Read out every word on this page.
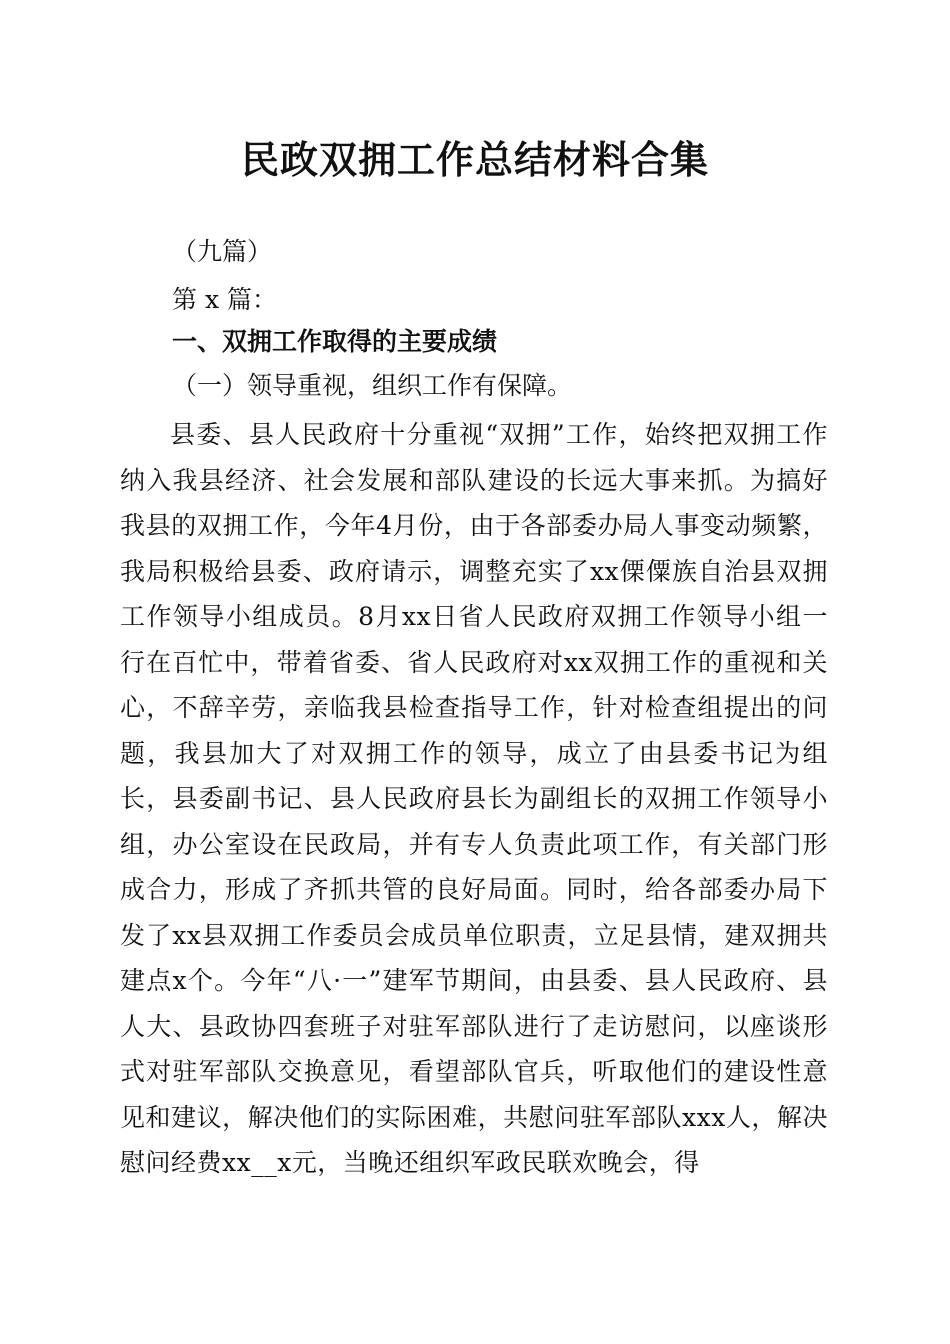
民政双拥工作总结材料合集
（九篇）
第 x 篇：
一、双拥工作取得的主要成绩
（一）领导重视，组织工作有保障。

县委、县人民政府十分重视“双拥”工作，始终把双拥工作纳入我县经济、社会发展和部队建设的长远大事来抓。为搞好我县的双拥工作，今年4月份，由于各部委办局人事变动频繁，我局积极给县委、政府请示，调整充实了xx傈僳族自治县双拥工作领导小组成员。8月xx日省人民政府双拥工作领导小组一行在百忙中，带着省委、省人民政府对xx双拥工作的重视和关心，不辞辛劳，亲临我县检查指导工作，针对检查组提出的问题，我县加大了对双拥工作的领导，成立了由县委书记为组长，县委副书记、县人民政府县长为副组长的双拥工作领导小组，办公室设在民政局，并有专人负责此项工作，有关部门形成合力，形成了齐抓共管的良好局面。同时，给各部委办局下发了xx县双拥工作委员会成员单位职责，立足县情，建双拥共建点x个。今年“八·一”建军节期间，由县委、县人民政府、县人大、县政协四套班子对驻军部队进行了走访慰问，以座谈形式对驻军部队交换意见，看望部队官兵，听取他们的建设性意见和建议，解决他们的实际困难，共慰问驻军部队xxx人，解决慰问经费xx__x元，当晚还组织军政民联欢晚会，得
